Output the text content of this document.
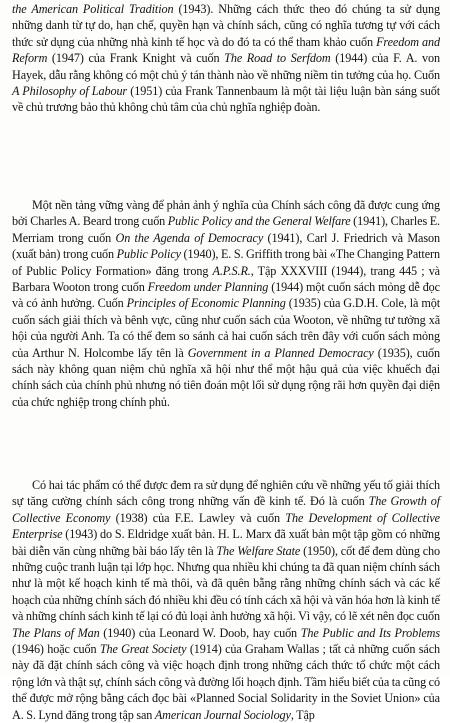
the American Political Tradition (1943). Những cách thức theo đó chúng ta sử dụng những danh từ tự do, hạn chế, quyền hạn và chính sách, cũng có nghĩa tương tự với cách thức sử dụng của những nhà kinh tế học và do đó ta có thể tham khảo cuốn Freedom and Reform (1947) của Frank Knight và cuốn The Road to Serfdom (1944) của F. A. von Hayek, dẫu rằng không có một chủ ý tán thành nào về những niềm tin tưởng của họ. Cuốn A Philosophy of Labour (1951) của Frank Tannenbaum là một tài liệu luận bàn sáng suốt về chủ trương bảo thủ không chủ tâm của chủ nghĩa nghiệp đoàn.

Một nền tảng vững vàng để phản ảnh ý nghĩa của Chính sách công đã được cung ứng bởi Charles A. Beard trong cuốn Public Policy and the General Welfare (1941), Charles E. Merriam trong cuốn On the Agenda of Democracy (1941), Carl J. Friedrich và Mason (xuất bản) trong cuốn Public Policy (1940), E. S. Griffith trong bài «The Changing Pattern of Public Policy Formation» đăng trong A.P.S.R., Tập XXXVIII (1944), trang 445 ; và Barbara Wooton trong cuốn Freedom under Planning (1944) một cuốn sách mỏng dễ đọc và có ảnh hưởng. Cuốn Principles of Economic Planning (1935) của G.D.H. Cole, là một cuốn sách giải thích và bênh vực, cũng như cuốn sách của Wooton, về những tư tưởng xã hội của người Anh. Ta có thể đem so sánh cả hai cuốn sách trên đây với cuốn sách mỏng của Arthur N. Holcombe lấy tên là Government in a Planned Democracy (1935), cuốn sách này không quan niệm chủ nghĩa xã hội như thể một hậu quả của việc khuếch đại chính sách của chính phủ nhưng nó tiên đoán một lối sử dụng rộng rãi hơn quyền đại diện của chức nghiệp trong chính phủ.

Có hai tác phẩm có thể được đem ra sử dụng để nghiên cứu về những yếu tố giải thích sự tăng cường chính sách công trong những vấn đề kinh tế. Đó là cuốn The Growth of Collective Economy (1938) của F.E. Lawley và cuốn The Development of Collective Enterprise (1943) do S. Eldridge xuất bản. H. L. Marx đã xuất bản một tập gồm có những bài diễn văn cùng những bài báo lấy tên là The Welfare State (1950), cốt để đem dùng cho những cuộc tranh luận tại lớp học. Nhưng qua nhiều khi chúng ta đã quan niệm chính sách như là một kế hoạch kinh tế mà thôi, và đã quên bẵng rằng những chính sách và các kế hoạch của những chính sách đó nhiều khi đều có tính cách xã hội và văn hóa hơn là kinh tế và những chính sách kinh tế lại có đủ loại ảnh hưởng xã hội. Vì vậy, có lẽ xét nên đọc cuốn The Plans of Man (1940) của Leonard W. Doob, hay cuốn The Public and Its Problems (1946) hoặc cuốn The Great Society (1914) của Graham Wallas ; tất cả những cuốn sách này đã đặt chính sách công và việc hoạch định trong những cách thức tổ chức một cách rộng lớn và thật sự, chính sách công và đường lối hoạch định. Tầm hiểu biết của ta cũng có thể được mở rộng bằng cách đọc bài «Planned Social Solidarity in the Soviet Union» của A. S. Lynd đăng trong tập san American Journal Sociology, Tập
